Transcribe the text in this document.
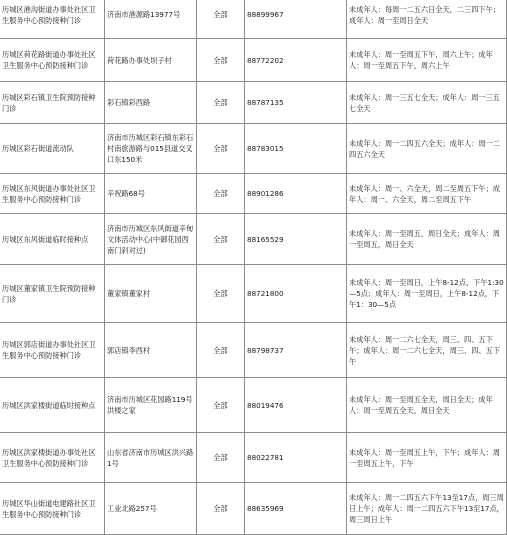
历城区港沟街道办事处社区卫生服务中心预防接种门诊	济南市港源路13977号	全部	88899967	未成年人：每周一二五六日全天，二三四下午；成年人：周一至周日全天
历城区荷花路街道办事处社区卫生服务中心预防接种门诊	荷花路办事处坝子村	全部	88772202	未成年人：周一至周五下午，周六上午；成年人：周一至周五下午，周六上午
历城区彩石镇卫生院预防接种门诊	彩石镇彩西路	全部	88787135	未成年人：周一三五七全天；成年人：周一三五七全天
历城区彩石街道流动队	济南市历城区彩石镇东彩石村南旅游路与015县道交叉口东150米	全部	88783015	未成年人：周一二四五六全天；成年人：周一二四五六全天
历城区东风街道办事处社区卫生服务中心预防接种门诊	辛祝路68号	全部	88901286	未成年人：周一、六全天，周二至周五下午；成年人：周一、六全天，周二至周五下午
历城区东风街道临时接种点	济南市历城区东风街道辛甸文体活动中心(中御花园西南门斜对过)	全部	88165529	未成年人：周一至周五，周日全天；成年人：周一至周五，周日全天
历城区董家镇卫生院预防接种门诊	董家镇董家村	全部	88721800	未成年人：周一至周日，上午8-12点，下午1:30—5点；成年人：周一至周日，上午8-12点，下午1：30—5点
历城区郭店街道办事处社区卫生服务中心预防接种门诊	郭店镇李西村	全部	88798737	未成年人：周一二六七全天，周三、四、五下午；成年人：周一二六七全天，周三、四、五下午
历城区洪家楼街道临时接种点	济南市历城区花园路119号洪楼之家	全部	88019476	未成年人：周一至周五全天，周日全天；成年人：周一至周五全天，周日全天
历城区洪家楼街道办事处社区卫生服务中心预防接种门诊	山东省济南市历城区洪兴路1号	全部	88022781	未成年人：周一至周五上午，下午；成年人：周一至周五上午，下午
历城区华山街道电建路社区卫生服务中心预防接种门诊	工业北路257号	全部	88635969	未成年人：周一二四五六下午13至17点，周三周日上午；成年人：周一二四五六下午13至17点，周三周日上午
